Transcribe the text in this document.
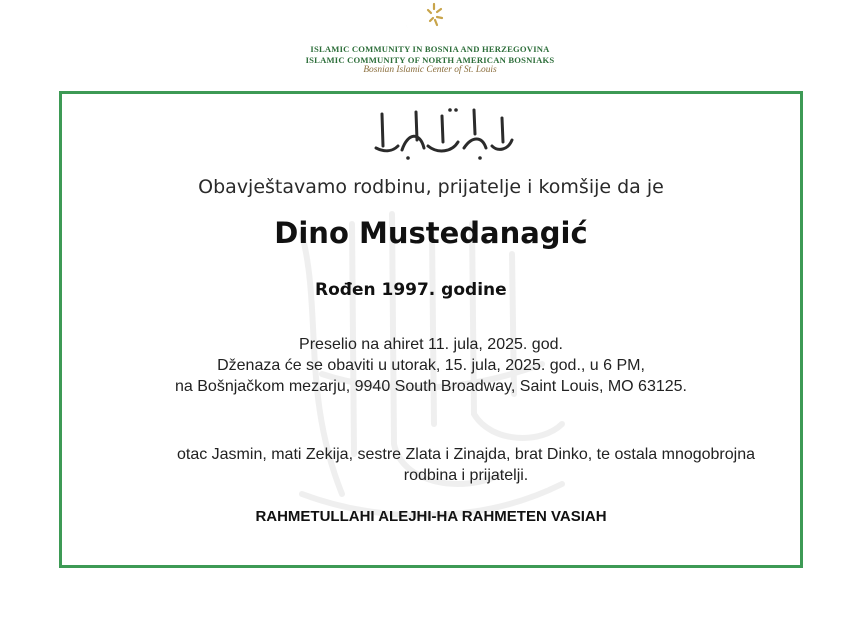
ISLAMIC COMMUNITY IN BOSNIA AND HERZEGOVINA
ISLAMIC COMMUNITY OF NORTH AMERICAN BOSNIAKS
Bosnian Islamic Center of St. Louis
Obavještavamo rodbinu, prijatelje i komšije da je
Dino Mustedanagić
Rođen 1997. godine
Preselio na ahiret 11. jula, 2025. god.
Dženaza će se obaviti u utorak, 15. jula, 2025. god., u 6 PM,
na Bošnjačkom mezarju, 9940 South Broadway, Saint Louis, MO 63125.
otac Jasmin, mati Zekija, sestre Zlata i Zinajda, brat Dinko, te ostala mnogobrojna
rodbina i prijatelji.
RAHMETULLAHI ALEJHI-HA RAHMETEN VASIAH
